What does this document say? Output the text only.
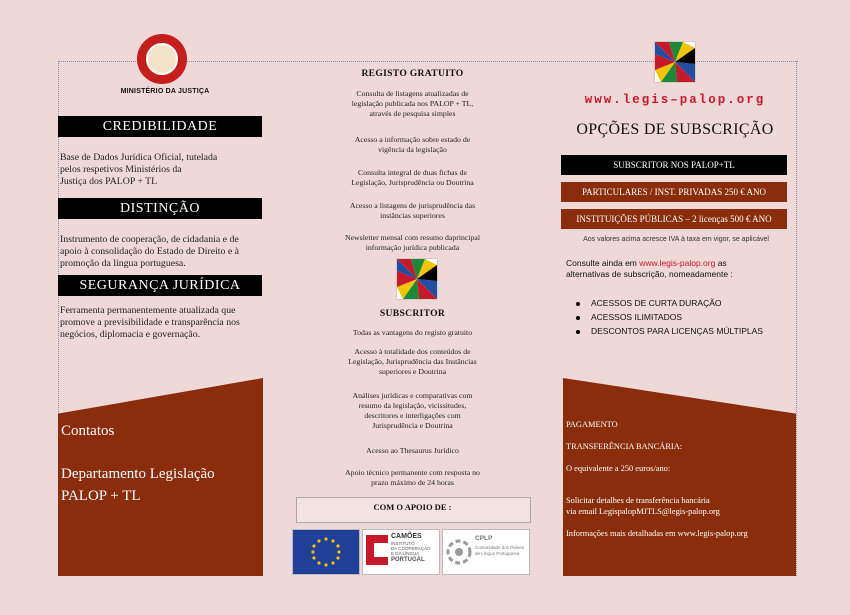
MINISTÉRIO DA JUSTIÇA
CREDIBILIDADE
Base de Dados Jurídica Oficial, tutelada
pelos respetivos Ministérios da
Justiça dos PALOP + TL
DISTINÇÃO
Instrumento de cooperação, de cidadania e de
apoio à consolidação do Estado de Direito e à
promoção da língua portuguesa.
SEGURANÇA JURÍDICA
Ferramenta permanentemente atualizada que
promove a previsibilidade e transparência nos
negócios, diplomacia e governação.
Contatos
Departamento Legislação
PALOP + TL
REGISTO GRATUITO
Consulta de listagens atualizadas de
legislação publicada nos PALOP + TL,
através de pesquisa simples
Acesso a informação sobre estado de
vigência da legislação
Consulta integral de duas fichas de
Legislação, Jurisprudência ou Doutrina
Acesso a listagens de jurisprudência das
instâncias superiores
Newsletter mensal com resumo daprincipal
informação jurídica publicada
SUBSCRITOR
Todas as vantagens do registo gratuito
Acesso à totalidade dos conteúdos de
Legislação, Jurisprudência das Instâncias
superiores e Doutrina
Análises jurídicas e comparativas com
resumo da legislação, vicissitudes,
descritores e interligações com
Jurisprudência e Doutrina
Acesso ao Thesaurus Jurídico
Apoio técnico permanente com resposta no
prazo máximo de 24 horas
COM O APOIO DE :
CAMÕES
INSTITUTO
DA COOPERAÇÃO
E DA LÍNGUA
PORTUGAL
CPLP
Comunidade dos Países
de Língua Portuguesa
www.legis–palop.org
OPÇÕES DE SUBSCRIÇÃO
SUBSCRITOR NOS PALOP+TL
PARTICULARES / INST. PRIVADAS 250 € ANO
INSTITUIÇÕES PÚBLICAS – 2 licenças 500 € ANO
Aos valores acima acresce IVA à taxa em vigor, se aplicável
Consulte ainda em www.legis-palop.org as
alternativas de subscrição, nomeadamente :
ACESSOS DE CURTA DURAÇÃO
ACESSOS ILIMITADOS
DESCONTOS PARA LICENÇAS MÚLTIPLAS
PAGAMENTO
TRANSFERÊNCIA BANCÁRIA:
O equivalente a 250 euros/ano:
Solicitar detalhes de transferência bancária
via email LegispalopMJTLS@legis-palop.org
Informações mais detalhadas em www.legis-palop.org
